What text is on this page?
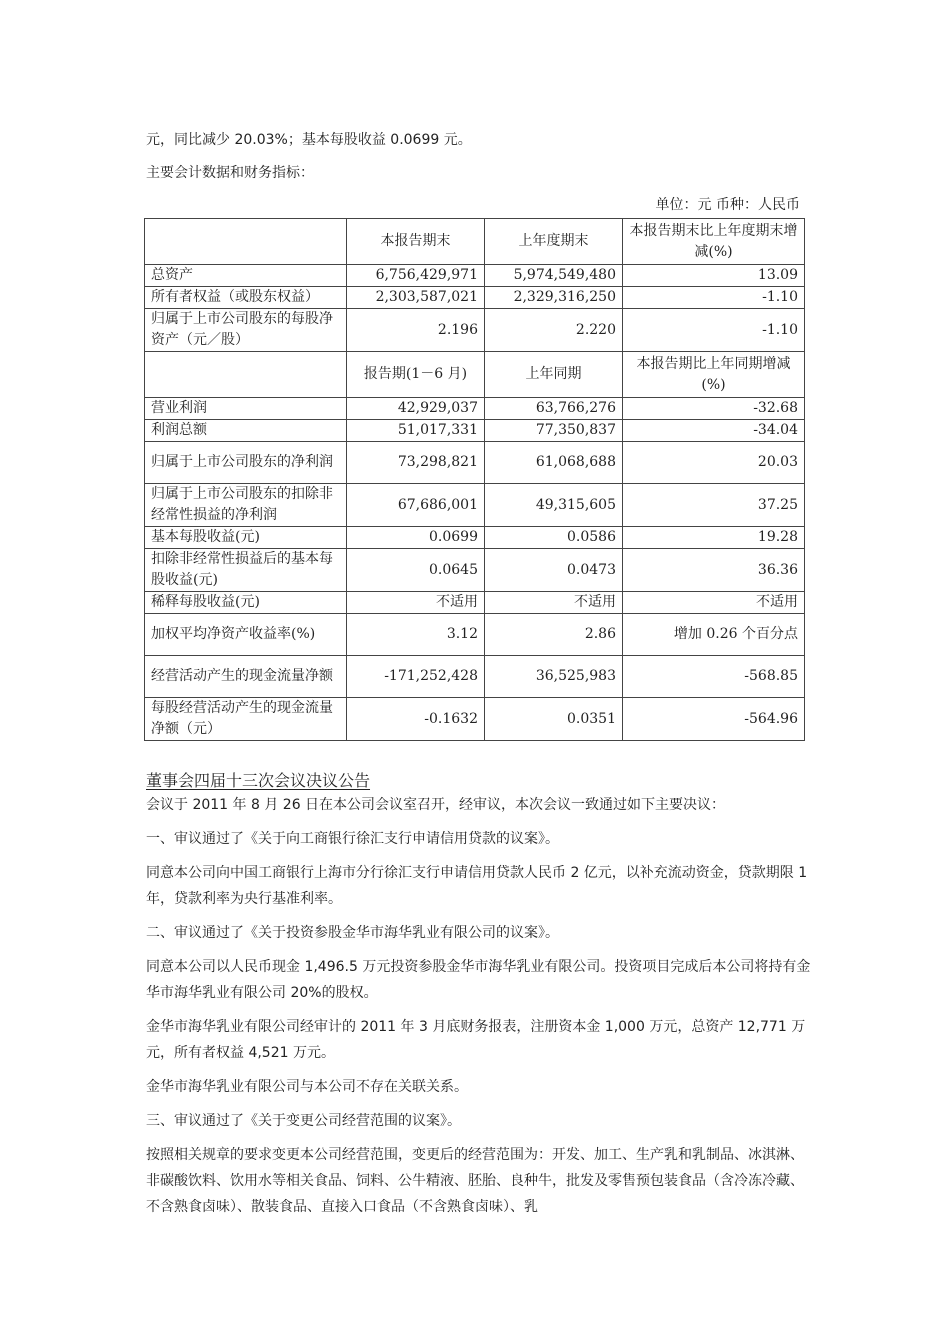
元，同比减少 20.03%；基本每股收益 0.0699 元。

主要会计数据和财务指标：

单位：元 币种：人民币
	本报告期末	上年度期末	本报告期末比上年度期末增减(%)
总资产	6,756,429,971	5,974,549,480	13.09
所有者权益（或股东权益）	2,303,587,021	2,329,316,250	-1.10
归属于上市公司股东的每股净资产（元／股）	2.196	2.220	-1.10
	报告期(1－6 月)	上年同期	本报告期比上年同期增减(%)
营业利润	42,929,037	63,766,276	-32.68
利润总额	51,017,331	77,350,837	-34.04
归属于上市公司股东的净利润	73,298,821	61,068,688	20.03
归属于上市公司股东的扣除非经常性损益的净利润	67,686,001	49,315,605	37.25
基本每股收益(元)	0.0699	0.0586	19.28
扣除非经常性损益后的基本每股收益(元)	0.0645	0.0473	36.36
稀释每股收益(元)	不适用	不适用	不适用
加权平均净资产收益率(%)	3.12	2.86	增加 0.26 个百分点
经营活动产生的现金流量净额	-171,252,428	36,525,983	-568.85
每股经营活动产生的现金流量净额（元）	-0.1632	0.0351	-564.96
董事会四届十三次会议决议公告

会议于 2011 年 8 月 26 日在本公司会议室召开，经审议，本次会议一致通过如下主要决议：

一、审议通过了《关于向工商银行徐汇支行申请信用贷款的议案》。

同意本公司向中国工商银行上海市分行徐汇支行申请信用贷款人民币 2 亿元，以补充流动资金，贷款期限 1 年，贷款利率为央行基准利率。

二、审议通过了《关于投资参股金华市海华乳业有限公司的议案》。

同意本公司以人民币现金 1,496.5 万元投资参股金华市海华乳业有限公司。投资项目完成后本公司将持有金华市海华乳业有限公司 20%的股权。

金华市海华乳业有限公司经审计的 2011 年 3 月底财务报表，注册资本金 1,000 万元，总资产 12,771 万元，所有者权益 4,521 万元。

金华市海华乳业有限公司与本公司不存在关联关系。

三、审议通过了《关于变更公司经营范围的议案》。

按照相关规章的要求变更本公司经营范围，变更后的经营范围为：开发、加工、生产乳和乳制品、冰淇淋、非碳酸饮料、饮用水等相关食品、饲料、公牛精液、胚胎、良种牛，批发及零售预包装食品（含冷冻冷藏、不含熟食卤味）、散装食品、直接入口食品（不含熟食卤味）、乳
